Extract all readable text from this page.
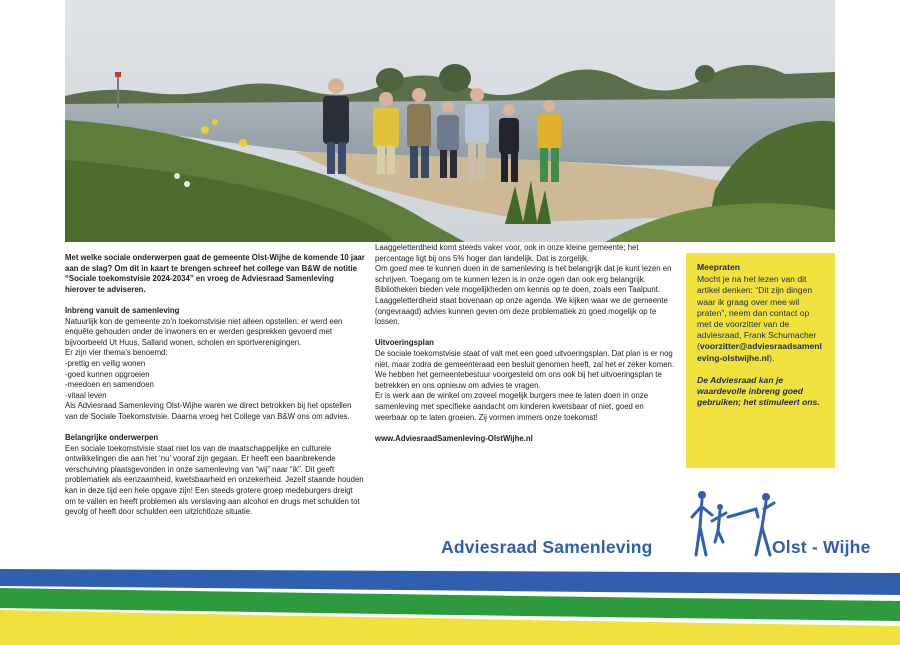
Met welke sociale onderwerpen gaat de gemeente Olst-Wijhe de komende 10 jaar aan de slag? Om dit in kaart te brengen schreef het college van B&W de notitie “Sociale toekomstvisie 2024-2034” en vroeg de Adviesraad Samenleving hierover te adviseren.

Inbreng vanuit de samenleving

Natuurlijk kon de gemeente zo’n toekomstvisie niet alleen opstellen: er werd een enquête gehouden onder de inwoners en er werden gesprekken gevoerd met bijvoorbeeld Ut Huus, Salland wonen, scholen en sportverenigingen.

Er zijn vier thema’s benoemd:

-prettig en veilig wonen

-goed kunnen opgroeien

-meedoen en samendoen

-vitaal leven

Als Adviesraad Samenleving Olst-Wijhe waren we direct betrokken bij het opstellen van de Sociale Toekomstvisie. Daarna vroeg het College van B&W ons om advies.

Belangrijke onderwerpen

Een sociale toekomstvisie staat niet los van de maatschappelijke en culturele ontwikkelingen die aan het ‘nu’ vooraf zijn gegaan. Er heeft een baanbrekende verschuiving plaatsgevonden in onze samenleving van “wij” naar “ik”. Dit geeft problematiek als eenzaamheid, kwetsbaarheid en onzekerheid. Jezelf staande houden kan in deze tijd een hele opgave zijn! Een steeds grotere groep medeburgers dreigt om te vallen en heeft problemen als verslaving aan alcohol en drugs met schulden tot gevolg of heeft door schulden een uitzichtloze situatie.

Laaggeletterdheid komt steeds vaker voor, ook in onze kleine gemeente; het percentage ligt bij ons 5% hoger dan landelijk. Dat is zorgelijk.

Om goed mee te kunnen doen in de samenleving is het belangrijk dat je kunt lezen en schrijven. Toegang om te kunnen lezen is in onze ogen dan ook erg belangrijk. Bibliotheken bieden vele mogelijkheden om kennis op te doen, zoals een Taalpunt.

Laaggeletterdheid staat bovenaan op onze agenda. We kijken waar we de gemeente (ongevraagd) advies kunnen geven om deze problematiek zo goed mogelijk op te lossen.

Uitvoeringsplan

De sociale toekomstvisie staat of valt met een goed uitvoeringsplan. Dat plan is er nog niet, maar zodra de gemeenteraad een besluit genomen heeft, zal het er zeker komen. We hebben het gemeentebestuur voorgesteld om ons ook bij het uitvoeringsplan te betrekken en ons opnieuw om advies te vragen.

Er is werk aan de winkel om zoveel mogelijk burgers mee te laten doen in onze samenleving met specifieke aandacht om kinderen kwetsbaar of niet, goed en weerbaar op te laten groeien. Zij vormen immers onze toekomst!

www.AdviesraadSamenleving-OlstWijhe.nl

Meepraten

Mocht je na het lezen van dit artikel denken: “Dit zijn dingen waar ik graag over mee wil praten”, neem dan contact op met de voorzitter van de adviesraad, Frank Schumacher (voorzitter@adviesraadsamenleving-olstwijhe.nl).

De Adviesraad kan je waardevolle inbreng goed gebruiken; het stimuleert ons.

Adviesraad Samenleving	Olst - Wijhe
